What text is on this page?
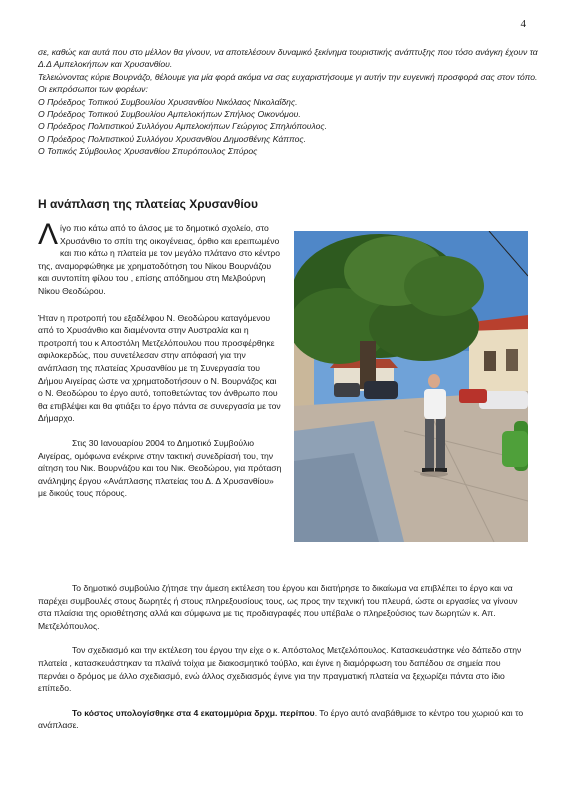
4

σε, καθώς και αυτά που στο μέλλον θα γίνουν, να αποτελέσουν δυναμικό ξεκίνημα τουριστικής ανάπτυξης που τόσο ανάγκη έχουν τα Δ.Δ Αμπελοκήπων και Χρυσανθίου.

Τελειώνοντας κύριε Βουρνάζο, θέλουμε για μία φορά ακόμα να σας ευχαριστήσουμε γι αυτήν την ευγενική προσφορά σας στον τόπο.

Οι εκπρόσωποι των φορέων:

Ο Πρόεδρος Τοπικού Συμβουλίου Χρυσανθίου Νικόλαος Νικολαΐδης.

Ο Πρόεδρος Τοπικού Συμβουλίου Αμπελοκήπων Σπήλιος Οικονόμου.

Ο Πρόεδρος Πολιτιστικού Συλλόγου Αμπελοκήπων Γεώργιος Σπηλιόπουλος.

Ο Πρόεδρος Πολιτιστικού Συλλόγου Χρυσανθίου Δημοσθένης Κάππος.

Ο Τοπικός Σύμβουλος Χρυσανθίου Σπυρόπουλος Σπύρος

Η ανάπλαση της πλατείας Χρυσανθίου

Λίγο πιο κάτω από το άλσος με το δημοτικό σχολείο, στο Χρυσάνθιο το σπίτι της οικογένειας, όρθιο και ερειπωμένο και πιο κάτω η πλατεία με τον μεγάλο πλάτανο στο κέντρο της, αναμορφώθηκε με χρηματοδότηση του Νίκου Βουρνάζου και συντοπίτη φίλου του , επίσης απόδημου στη Μελβούρνη Νίκου Θεοδώρου.

Ήταν η προτροπή του εξαδέλφου Ν. Θεοδώρου καταγόμενου από το Χρυσάνθιο και διαμένοντα στην Αυστραλία και η προτροπή του κ Αποστόλη Μετζελόπουλου που προσφέρθηκε αφιλοκερδώς, που συνετέλεσαν στην απόφασή για την ανάπλαση της πλατείας Χρυσανθίου με τη Συνεργασία του Δήμου Αιγείρας ώστε να χρηματοδοτήσουν ο Ν. Βουρνάζος και ο Ν. Θεοδώρου το έργο αυτό, τοποθετώντας τον άνθρωπο που θα επιβλέψει και θα φτιάξει το έργο πάντα σε συνεργασία με τον Δήμαρχο.

Στις 30 Ιανουαρίου 2004 το Δημοτικό Συμβούλιο Αιγείρας, ομόφωνα ενέκρινε στην τακτική συνεδρίασή του, την αίτηση του Νικ. Βουρνάζου και του Νικ. Θεοδώρου, για πρόταση ανάληψης έργου «Ανάπλασης πλατείας του Δ. Δ Χρυσανθίου» με δικούς τους πόρους.

Το δημοτικό συμβούλιο ζήτησε την άμεση εκτέλεση του έργου και διατήρησε το δικαίωμα να επιβλέπει το έργο και να παρέχει συμβουλές στους δωρητές ή στους πληρεξουσίους τους, ως προς την τεχνική του πλευρά, ώστε οι εργασίες να γίνουν στα πλαίσια της οριοθέτησης αλλά και σύμφωνα με τις προδιαγραφές που υπέβαλε ο πληρεξούσιος των δωρητών κ. Απ. Μετζελόπουλος.

Τον σχεδιασμό και την εκτέλεση του έργου την είχε ο κ. Απόστολος Μετζελόπουλος. Κατασκευάστηκε νέο δάπεδο στην πλατεία , κατασκευάστηκαν τα πλαϊνά τοίχια με διακοσμητικό τούβλο, και έγινε η διαμόρφωση του δαπέδου σε σημεία που περνάει ο δρόμος με άλλο σχεδιασμό, ενώ άλλος σχεδιασμός έγινε για την πραγματική πλατεία να ξεχωρίζει πάντα στο ίδιο επίπεδο.

Το κόστος υπολογίσθηκε στα 4 εκατομμύρια δρχμ. περίπου. Το έργο αυτό αναβάθμισε το κέντρο του χωριού και το ανάπλασε.
